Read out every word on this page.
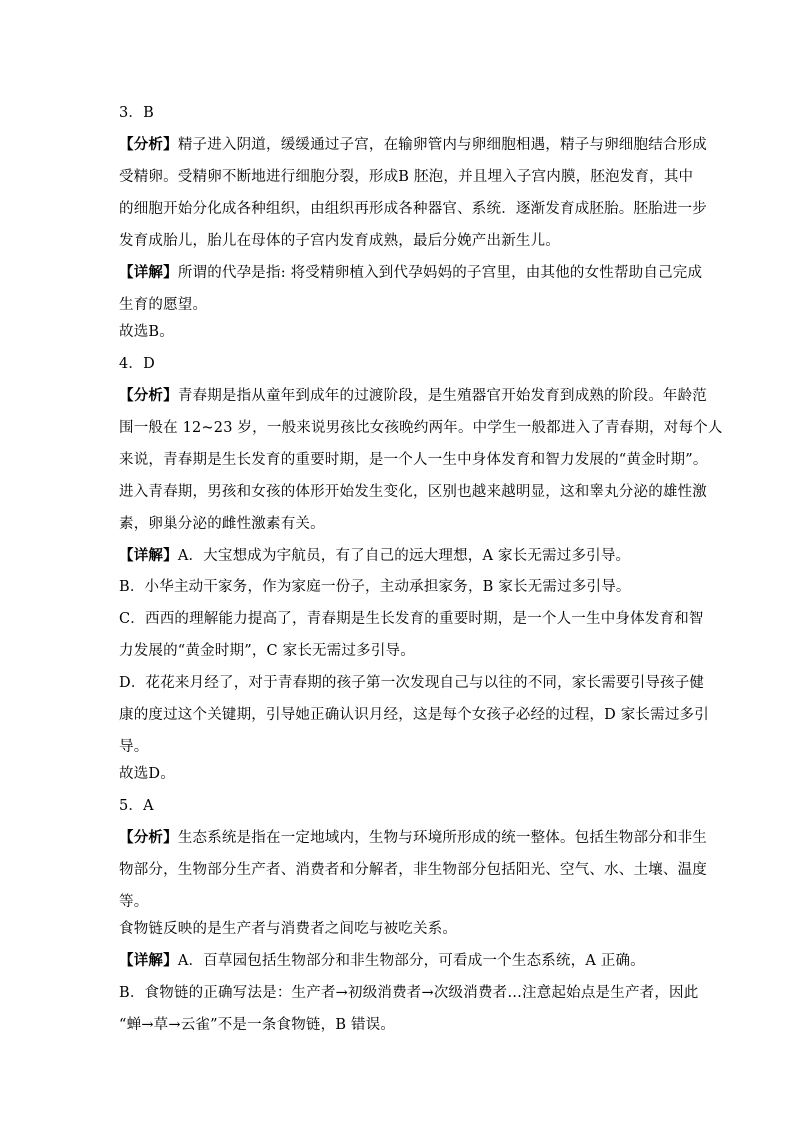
3．B
【分析】精子进入阴道，缓缓通过子宫，在输卵管内与卵细胞相遇，精子与卵细胞结合形成
受精卵。受精卵不断地进行细胞分裂，形成B 胚泡，并且埋入子宫内膜，胚泡发育，其中
的细胞开始分化成各种组织，由组织再形成各种器官、系统．逐渐发育成胚胎。胚胎进一步
发育成胎儿，胎儿在母体的子宫内发育成熟，最后分娩产出新生儿。
【详解】所谓的代孕是指: 将受精卵植入到代孕妈妈的子宫里，由其他的女性帮助自己完成
生育的愿望。
故选B。
4．D
【分析】青春期是指从童年到成年的过渡阶段，是生殖器官开始发育到成熟的阶段。年龄范
围一般在 12~23 岁，一般来说男孩比女孩晚约两年。中学生一般都进入了青春期，对每个人
来说，青春期是生长发育的重要时期，是一个人一生中身体发育和智力发展的“黄金时期”。
进入青春期，男孩和女孩的体形开始发生变化，区别也越来越明显，这和睾丸分泌的雄性激
素，卵巢分泌的雌性激素有关。
【详解】A．大宝想成为宇航员，有了自己的远大理想，A 家长无需过多引导。
B．小华主动干家务，作为家庭一份子，主动承担家务，B 家长无需过多引导。
C．西西的理解能力提高了，青春期是生长发育的重要时期，是一个人一生中身体发育和智
力发展的“黄金时期”，C 家长无需过多引导。
D．花花来月经了，对于青春期的孩子第一次发现自己与以往的不同，家长需要引导孩子健
康的度过这个关键期，引导她正确认识月经，这是每个女孩子必经的过程，D 家长需过多引
导。
故选D。
5．A
【分析】生态系统是指在一定地域内，生物与环境所形成的统一整体。包括生物部分和非生
物部分，生物部分生产者、消费者和分解者，非生物部分包括阳光、空气、水、土壤、温度
等。
食物链反映的是生产者与消费者之间吃与被吃关系。
【详解】A．百草园包括生物部分和非生物部分，可看成一个生态系统，A 正确。
B．食物链的正确写法是：生产者→初级消费者→次级消费者…注意起始点是生产者，因此
“蝉→草→云雀”不是一条食物链，B 错误。
